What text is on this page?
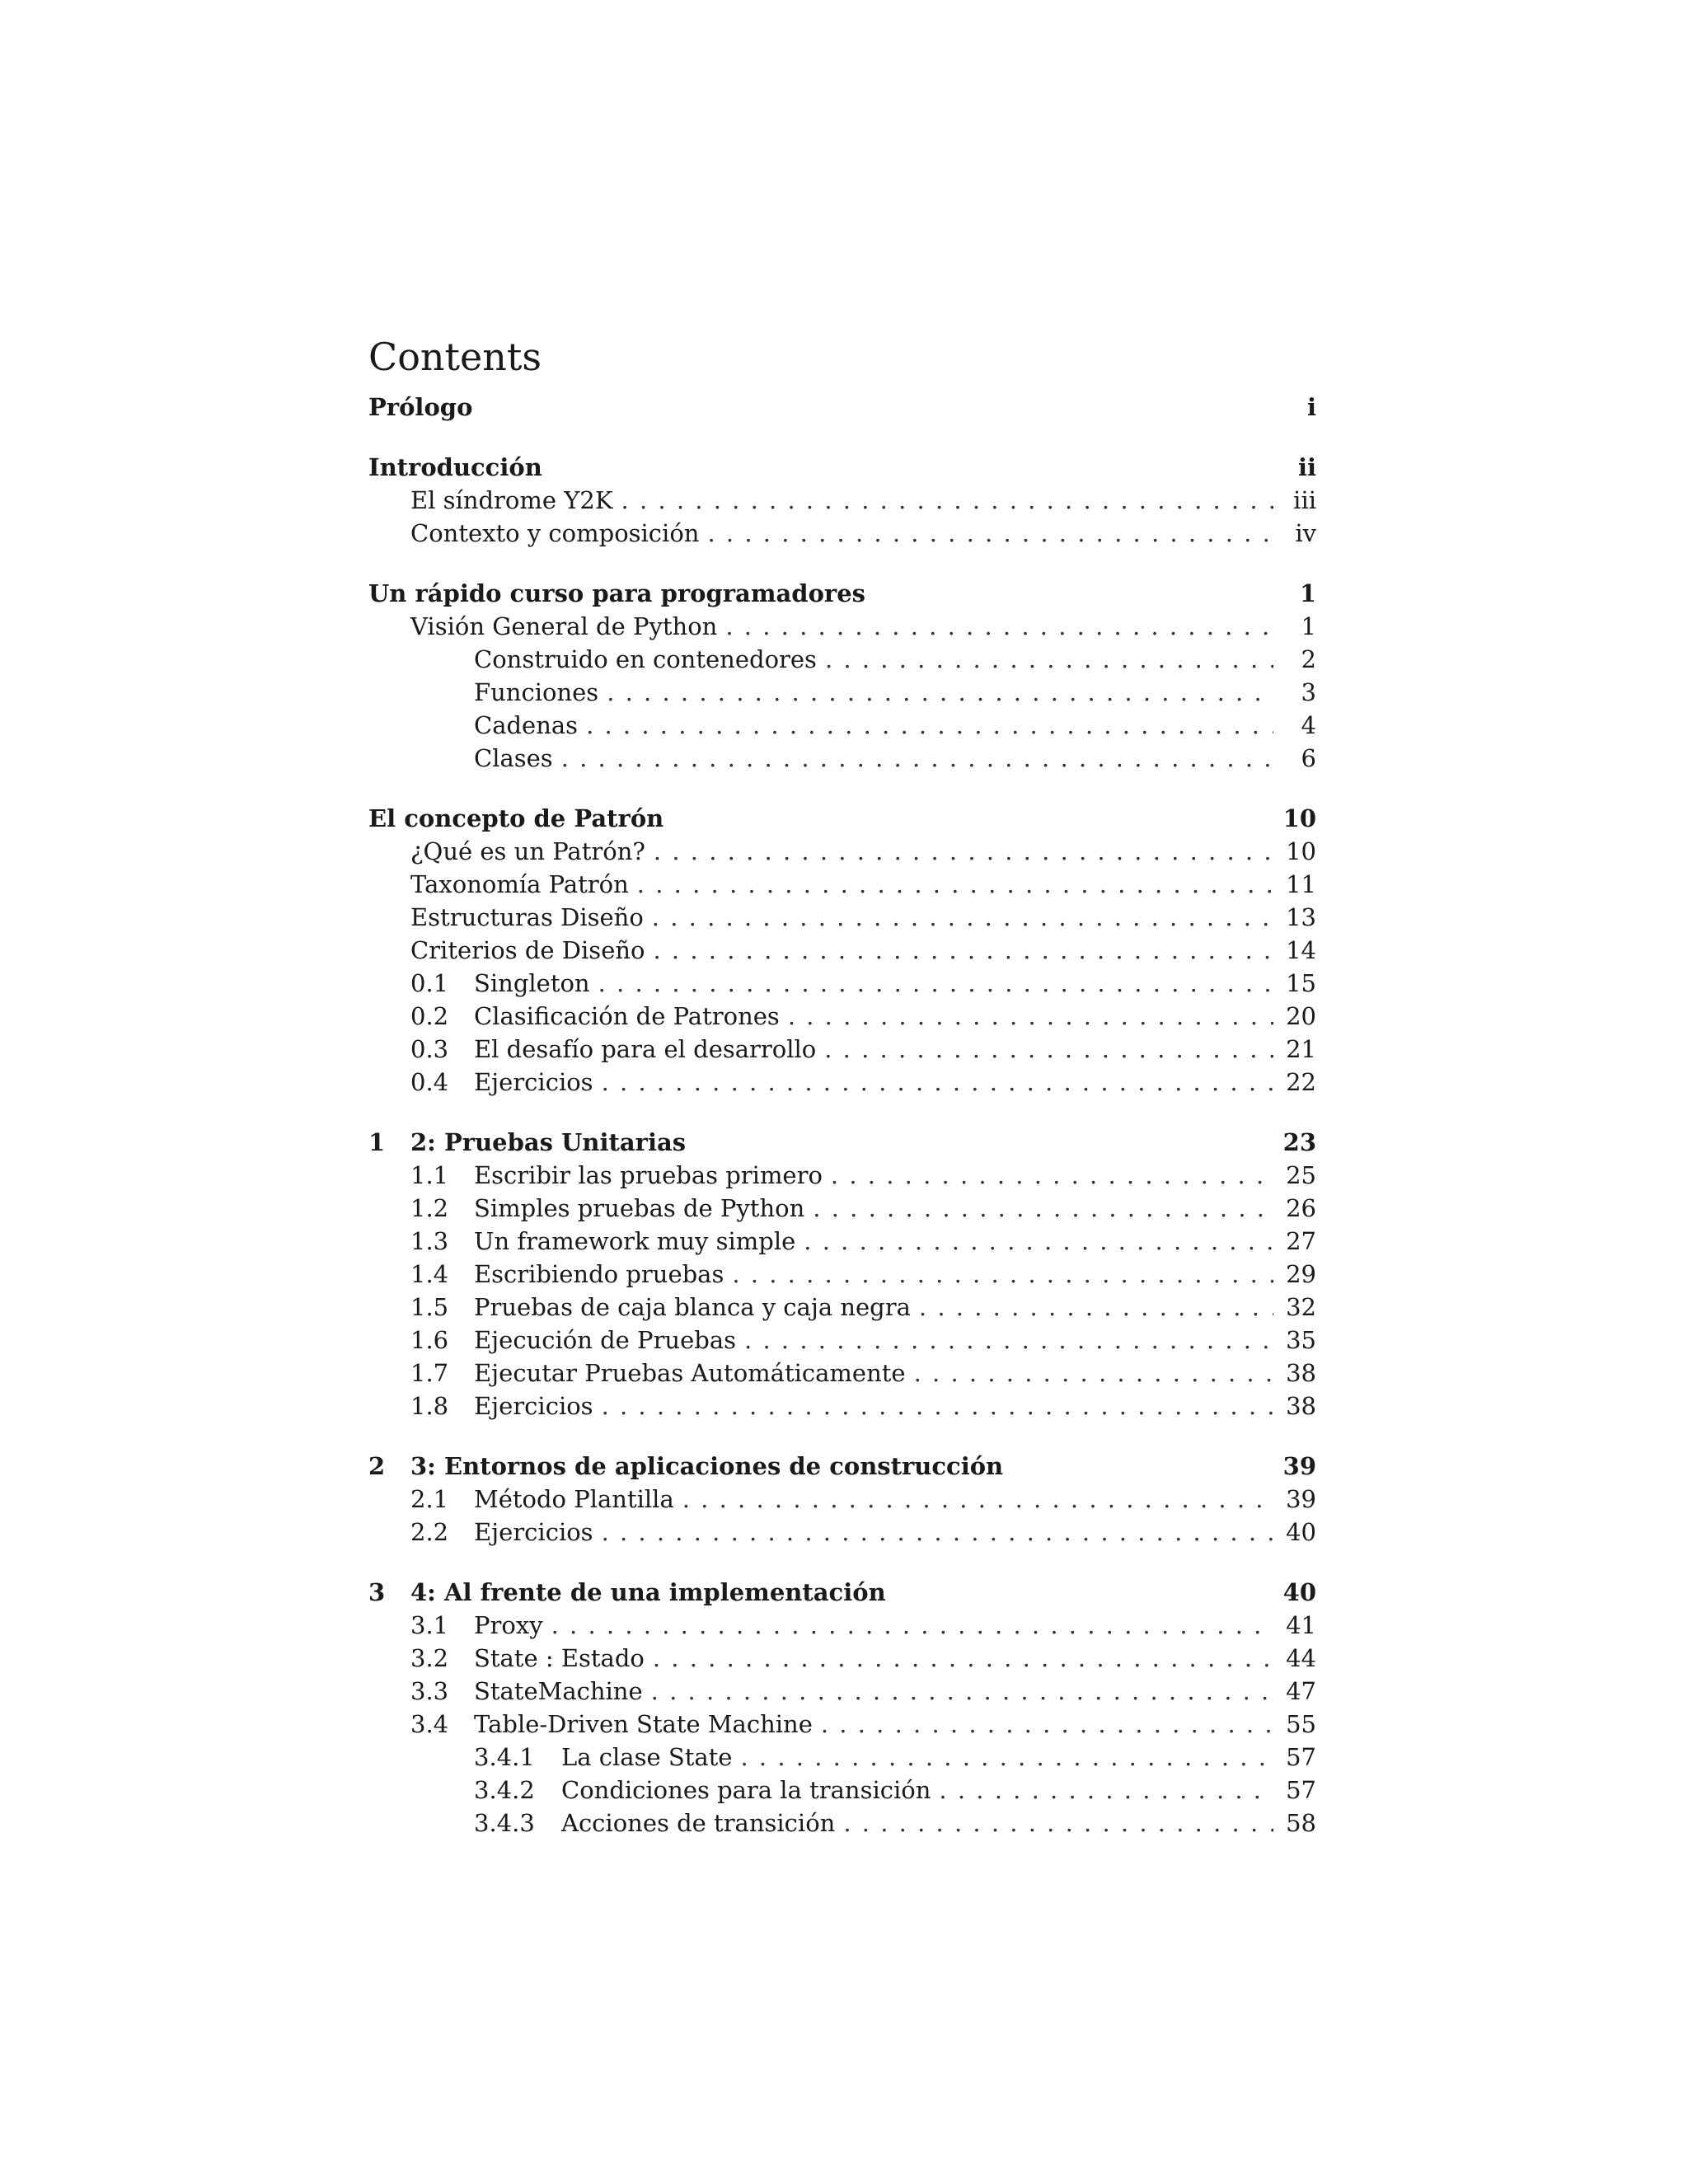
Contents
Prólogo	i
Introducción	ii
El síndrome Y2K . . .	iii
Contexto y composición . . .	iv
Un rápido curso para programadores	1
Visión General de Python . . .	1
Construido en contenedores . . .	2
Funciones . . .	3
Cadenas . . .	4
Clases . . .	6
El concepto de Patrón	10
¿Qué es un Patrón? . . .	10
Taxonomía Patrón . . .	11
Estructuras Diseño . . .	13
Criterios de Diseño . . .	14
0.1	Singleton . . .	15
0.2	Clasificación de Patrones . . .	20
0.3	El desafío para el desarrollo . . .	21
0.4	Ejercicios . . .	22
1	2: Pruebas Unitarias	23
1.1	Escribir las pruebas primero . . .	25
1.2	Simples pruebas de Python . . .	26
1.3	Un framework muy simple . . .	27
1.4	Escribiendo pruebas . . .	29
1.5	Pruebas de caja blanca y caja negra . . .	32
1.6	Ejecución de Pruebas . . .	35
1.7	Ejecutar Pruebas Automáticamente . . .	38
1.8	Ejercicios . . .	38
2	3: Entornos de aplicaciones de construcción	39
2.1	Método Plantilla . . .	39
2.2	Ejercicios . . .	40
3	4: Al frente de una implementación	40
3.1	Proxy . . .	41
3.2	State : Estado . . .	44
3.3	StateMachine . . .	47
3.4	Table-Driven State Machine . . .	55
3.4.1	La clase State . . .	57
3.4.2	Condiciones para la transición . . .	57
3.4.3	Acciones de transición . . .	58
